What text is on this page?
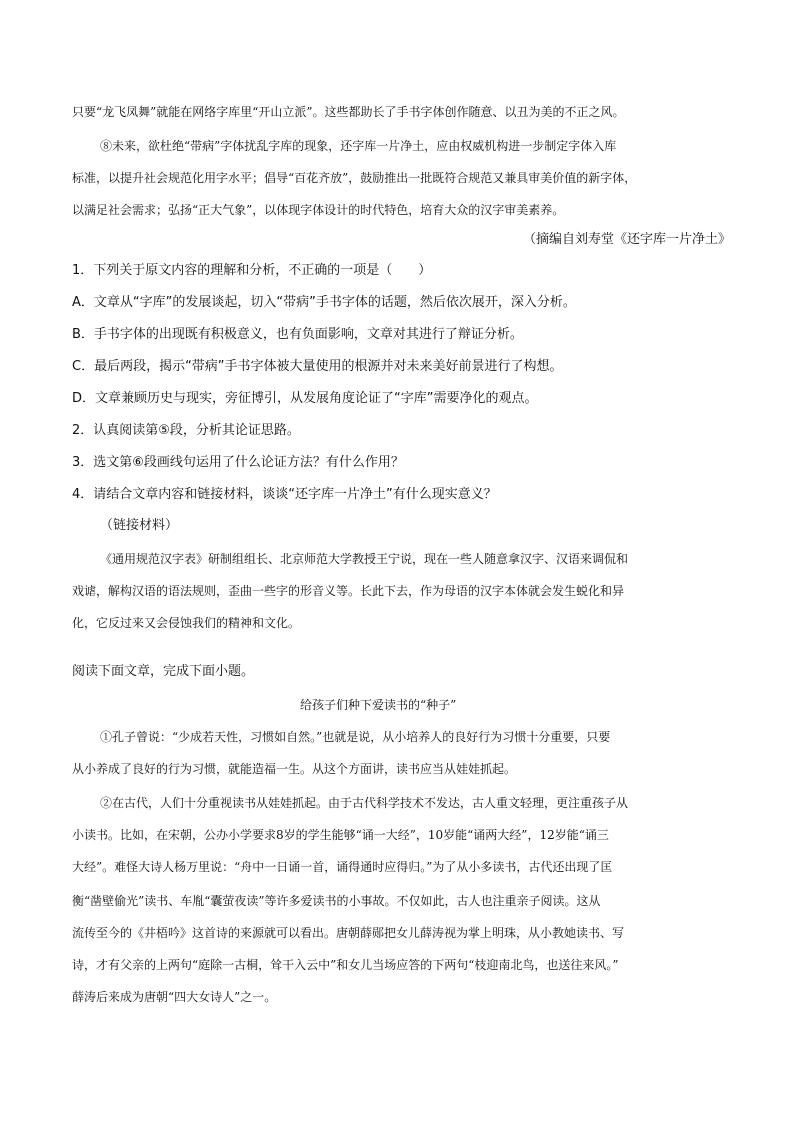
只要“龙飞凤舞”就能在网络字库里“开山立派”。这些都助长了手书字体创作随意、以丑为美的不正之风。
⑧未来，欲杜绝“带病”字体扰乱字库的现象，还字库一片净土，应由权威机构进一步制定字体入库
标准，以提升社会规范化用字水平；倡导“百花齐放”，鼓励推出一批既符合规范又兼具审美价值的新字体，
以满足社会需求；弘扬“正大气象”，以体现字体设计的时代特色，培育大众的汉字审美素养。
（摘编自刘寿堂《还字库一片净土》
1．下列关于原文内容的理解和分析，不正确的一项是（　　）
A．文章从“字库”的发展谈起，切入“带病”手书字体的话题，然后依次展开，深入分析。
B．手书字体的出现既有积极意义，也有负面影响，文章对其进行了辩证分析。
C．最后两段，揭示“带病”手书字体被大量使用的根源并对未来美好前景进行了构想。
D．文章兼顾历史与现实，旁征博引，从发展角度论证了“字库”需要净化的观点。
2．认真阅读第⑤段，分析其论证思路。
3．选文第⑥段画线句运用了什么论证方法？有什么作用？
4．请结合文章内容和链接材料，谈谈“还字库一片净土”有什么现实意义？
（链接材料）
《通用规范汉字表》研制组组长、北京师范大学教授王宁说，现在一些人随意拿汉字、汉语来调侃和
戏谑，解构汉语的语法规则，歪曲一些字的形音义等。长此下去，作为母语的汉字本体就会发生蜕化和异
化，它反过来又会侵蚀我们的精神和文化。
阅读下面文章，完成下面小题。
给孩子们种下爱读书的“种子”
①孔子曾说：“少成若天性，习惯如自然。”也就是说，从小培养人的良好行为习惯十分重要，只要
从小养成了良好的行为习惯，就能造福一生。从这个方面讲，读书应当从娃娃抓起。
②在古代，人们十分重视读书从娃娃抓起。由于古代科学技术不发达，古人重文轻理，更注重孩子从
小读书。比如，在宋朝，公办小学要求8岁的学生能够“诵一大经”，10岁能“诵两大经”，12岁能“诵三
大经”。难怪大诗人杨万里说：“舟中一日诵一首，诵得通时应得归。”为了从小多读书，古代还出现了匡
衡“凿壁偷光”读书、车胤“囊萤夜读”等许多爱读书的小事故。不仅如此，古人也注重亲子阅读。这从
流传至今的《井梧吟》这首诗的来源就可以看出。唐朝薛郧把女儿薛涛视为掌上明珠，从小教她读书、写
诗，才有父亲的上两句“庭除一古桐，耸干入云中”和女儿当场应答的下两句“枝迎南北鸟，也送往来风。”
薛涛后来成为唐朝“四大女诗人”之一。
